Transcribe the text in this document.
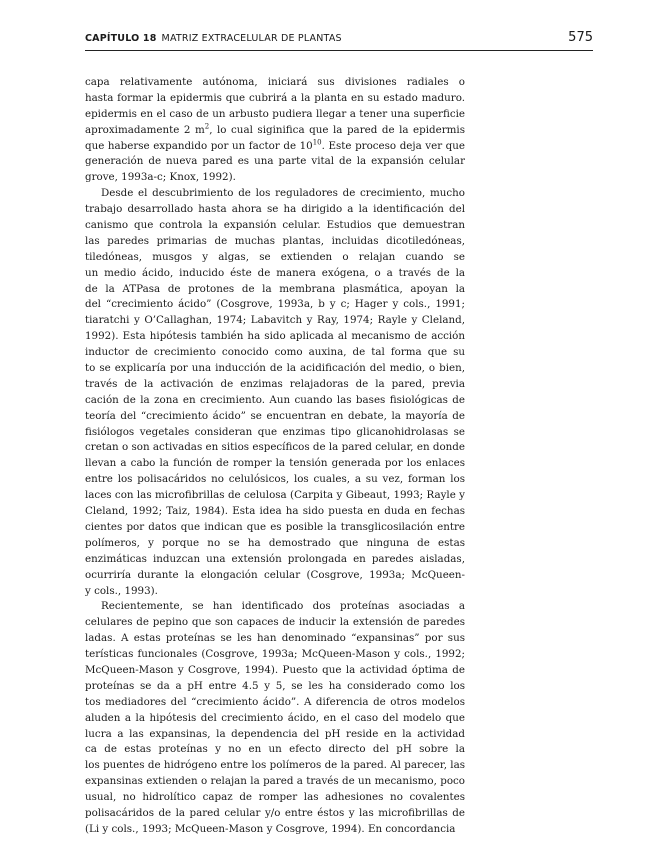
CAPÍTULO 18 MATRIZ EXTRACELULAR DE PLANTAS	575
capa relativamente autónoma, iniciará sus divisiones radiales o
hasta formar la epidermis que cubrirá a la planta en su estado maduro.
epidermis en el caso de un arbusto pudiera llegar a tener una superficie
aproximadamente 2 $m^2$, lo cual siginifica que la pared de la epidermis
que haberse expandido por un factor de $10^{10}$. Este proceso deja ver que
generación de nueva pared es una parte vital de la expansión celular
grove, 1993a-c; Knox, 1992).
Desde el descubrimiento de los reguladores de crecimiento, mucho
trabajo desarrollado hasta ahora se ha dirigido a la identificación del
canismo que controla la expansión celular. Estudios que demuestran
las paredes primarias de muchas plantas, incluidas dicotiledóneas,
tiledóneas, musgos y algas, se extienden o relajan cuando se
un medio ácido, inducido éste de manera exógena, o a través de la
de la ATPasa de protones de la membrana plasmática, apoyan la
del “crecimiento ácido” (Cosgrove, 1993a, b y c; Hager y cols., 1991;
tiaratchi y O’Callaghan, 1974; Labavitch y Ray, 1974; Rayle y Cleland,
1992). Esta hipótesis también ha sido aplicada al mecanismo de acción
inductor de crecimiento conocido como auxina, de tal forma que su
to se explicaría por una inducción de la acidificación del medio, o bien,
través de la activación de enzimas relajadoras de la pared, previa
cación de la zona en crecimiento. Aun cuando las bases fisiológicas de
teoría del “crecimiento ácido” se encuentran en debate, la mayoría de
fisiólogos vegetales consideran que enzimas tipo glicanohidrolasas se
cretan o son activadas en sitios específicos de la pared celular, en donde
llevan a cabo la función de romper la tensión generada por los enlaces
entre los polisacáridos no celulósicos, los cuales, a su vez, forman los
laces con las microfibrillas de celulosa (Carpita y Gibeaut, 1993; Rayle y
Cleland, 1992; Taiz, 1984). Esta idea ha sido puesta en duda en fechas
cientes por datos que indican que es posible la transglicosilación entre
polímeros, y porque no se ha demostrado que ninguna de estas
enzimáticas induzcan una extensión prolongada en paredes aisladas,
ocurriría durante la elongación celular (Cosgrove, 1993a; McQueen-
y cols., 1993).
Recientemente, se han identificado dos proteínas asociadas a
celulares de pepino que son capaces de inducir la extensión de paredes
ladas. A estas proteínas se les han denominado “expansinas” por sus
terísticas funcionales (Cosgrove, 1993a; McQueen-Mason y cols., 1992;
McQueen-Mason y Cosgrove, 1994). Puesto que la actividad óptima de
proteínas se da a pH entre 4.5 y 5, se les ha considerado como los
tos mediadores del “crecimiento ácido”. A diferencia de otros modelos
aluden a la hipótesis del crecimiento ácido, en el caso del modelo que
lucra a las expansinas, la dependencia del pH reside en la actividad
ca de estas proteínas y no en un efecto directo del pH sobre la
los puentes de hidrógeno entre los polímeros de la pared. Al parecer, las
expansinas extienden o relajan la pared a través de un mecanismo, poco
usual, no hidrolítico capaz de romper las adhesiones no covalentes
polisacáridos de la pared celular y/o entre éstos y las microfibrillas de
(Li y cols., 1993; McQueen-Mason y Cosgrove, 1994). En concordancia
